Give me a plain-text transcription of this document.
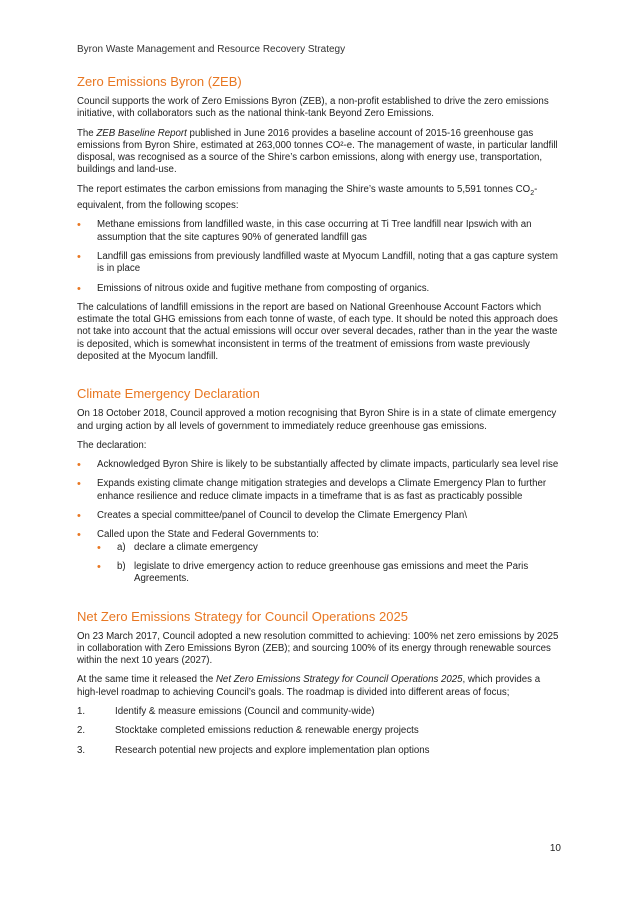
Byron Waste Management and Resource Recovery Strategy
Zero Emissions Byron (ZEB)

Council supports the work of Zero Emissions Byron (ZEB), a non-profit established to drive the zero emissions initiative, with collaborators such as the national think-tank Beyond Zero Emissions.

The ZEB Baseline Report published in June 2016 provides a baseline account of 2015-16 greenhouse gas emissions from Byron Shire, estimated at 263,000 tonnes CO²-e. The management of waste, in particular landfill disposal, was recognised as a source of the Shire’s carbon emissions, along with energy use, transportation, buildings and land-use.

The report estimates the carbon emissions from managing the Shire’s waste amounts to 5,591 tonnes $CO_2$-equivalent, from the following scopes:

• Methane emissions from landfilled waste, in this case occurring at Ti Tree landfill near Ipswich with an assumption that the site captures 90% of generated landfill gas
• Landfill gas emissions from previously landfilled waste at Myocum Landfill, noting that a gas capture system is in place
• Emissions of nitrous oxide and fugitive methane from composting of organics.

The calculations of landfill emissions in the report are based on National Greenhouse Account Factors which estimate the total GHG emissions from each tonne of waste, of each type. It should be noted this approach does not take into account that the actual emissions will occur over several decades, rather than in the year the waste is deposited, which is somewhat inconsistent in terms of the treatment of emissions from waste previously deposited at the Myocum landfill.

Climate Emergency Declaration

On 18 October 2018, Council approved a motion recognising that Byron Shire is in a state of climate emergency and urging action by all levels of government to immediately reduce greenhouse gas emissions.

The declaration:

• Acknowledged Byron Shire is likely to be substantially affected by climate impacts, particularly sea level rise
• Expands existing climate change mitigation strategies and develops a Climate Emergency Plan to further enhance resilience and reduce climate impacts in a timeframe that is as fast as practicably possible
• Creates a special committee/panel of Council to develop the Climate Emergency Plan\
• Called upon the State and Federal Governments to:
• a) declare a climate emergency
• b) legislate to drive emergency action to reduce greenhouse gas emissions and meet the Paris Agreements.
Net Zero Emissions Strategy for Council Operations 2025

On 23 March 2017, Council adopted a new resolution committed to achieving: 100% net zero emissions by 2025 in collaboration with Zero Emissions Byron (ZEB); and sourcing 100% of its energy through renewable sources within the next 10 years (2027).

At the same time it released the Net Zero Emissions Strategy for Council Operations 2025, which provides a high-level roadmap to achieving Council’s goals. The roadmap is divided into different areas of focus;

1.	Identify & measure emissions (Council and community-wide)
2.	Stocktake completed emissions reduction & renewable energy projects
3.	Research potential new projects and explore implementation plan options
10
